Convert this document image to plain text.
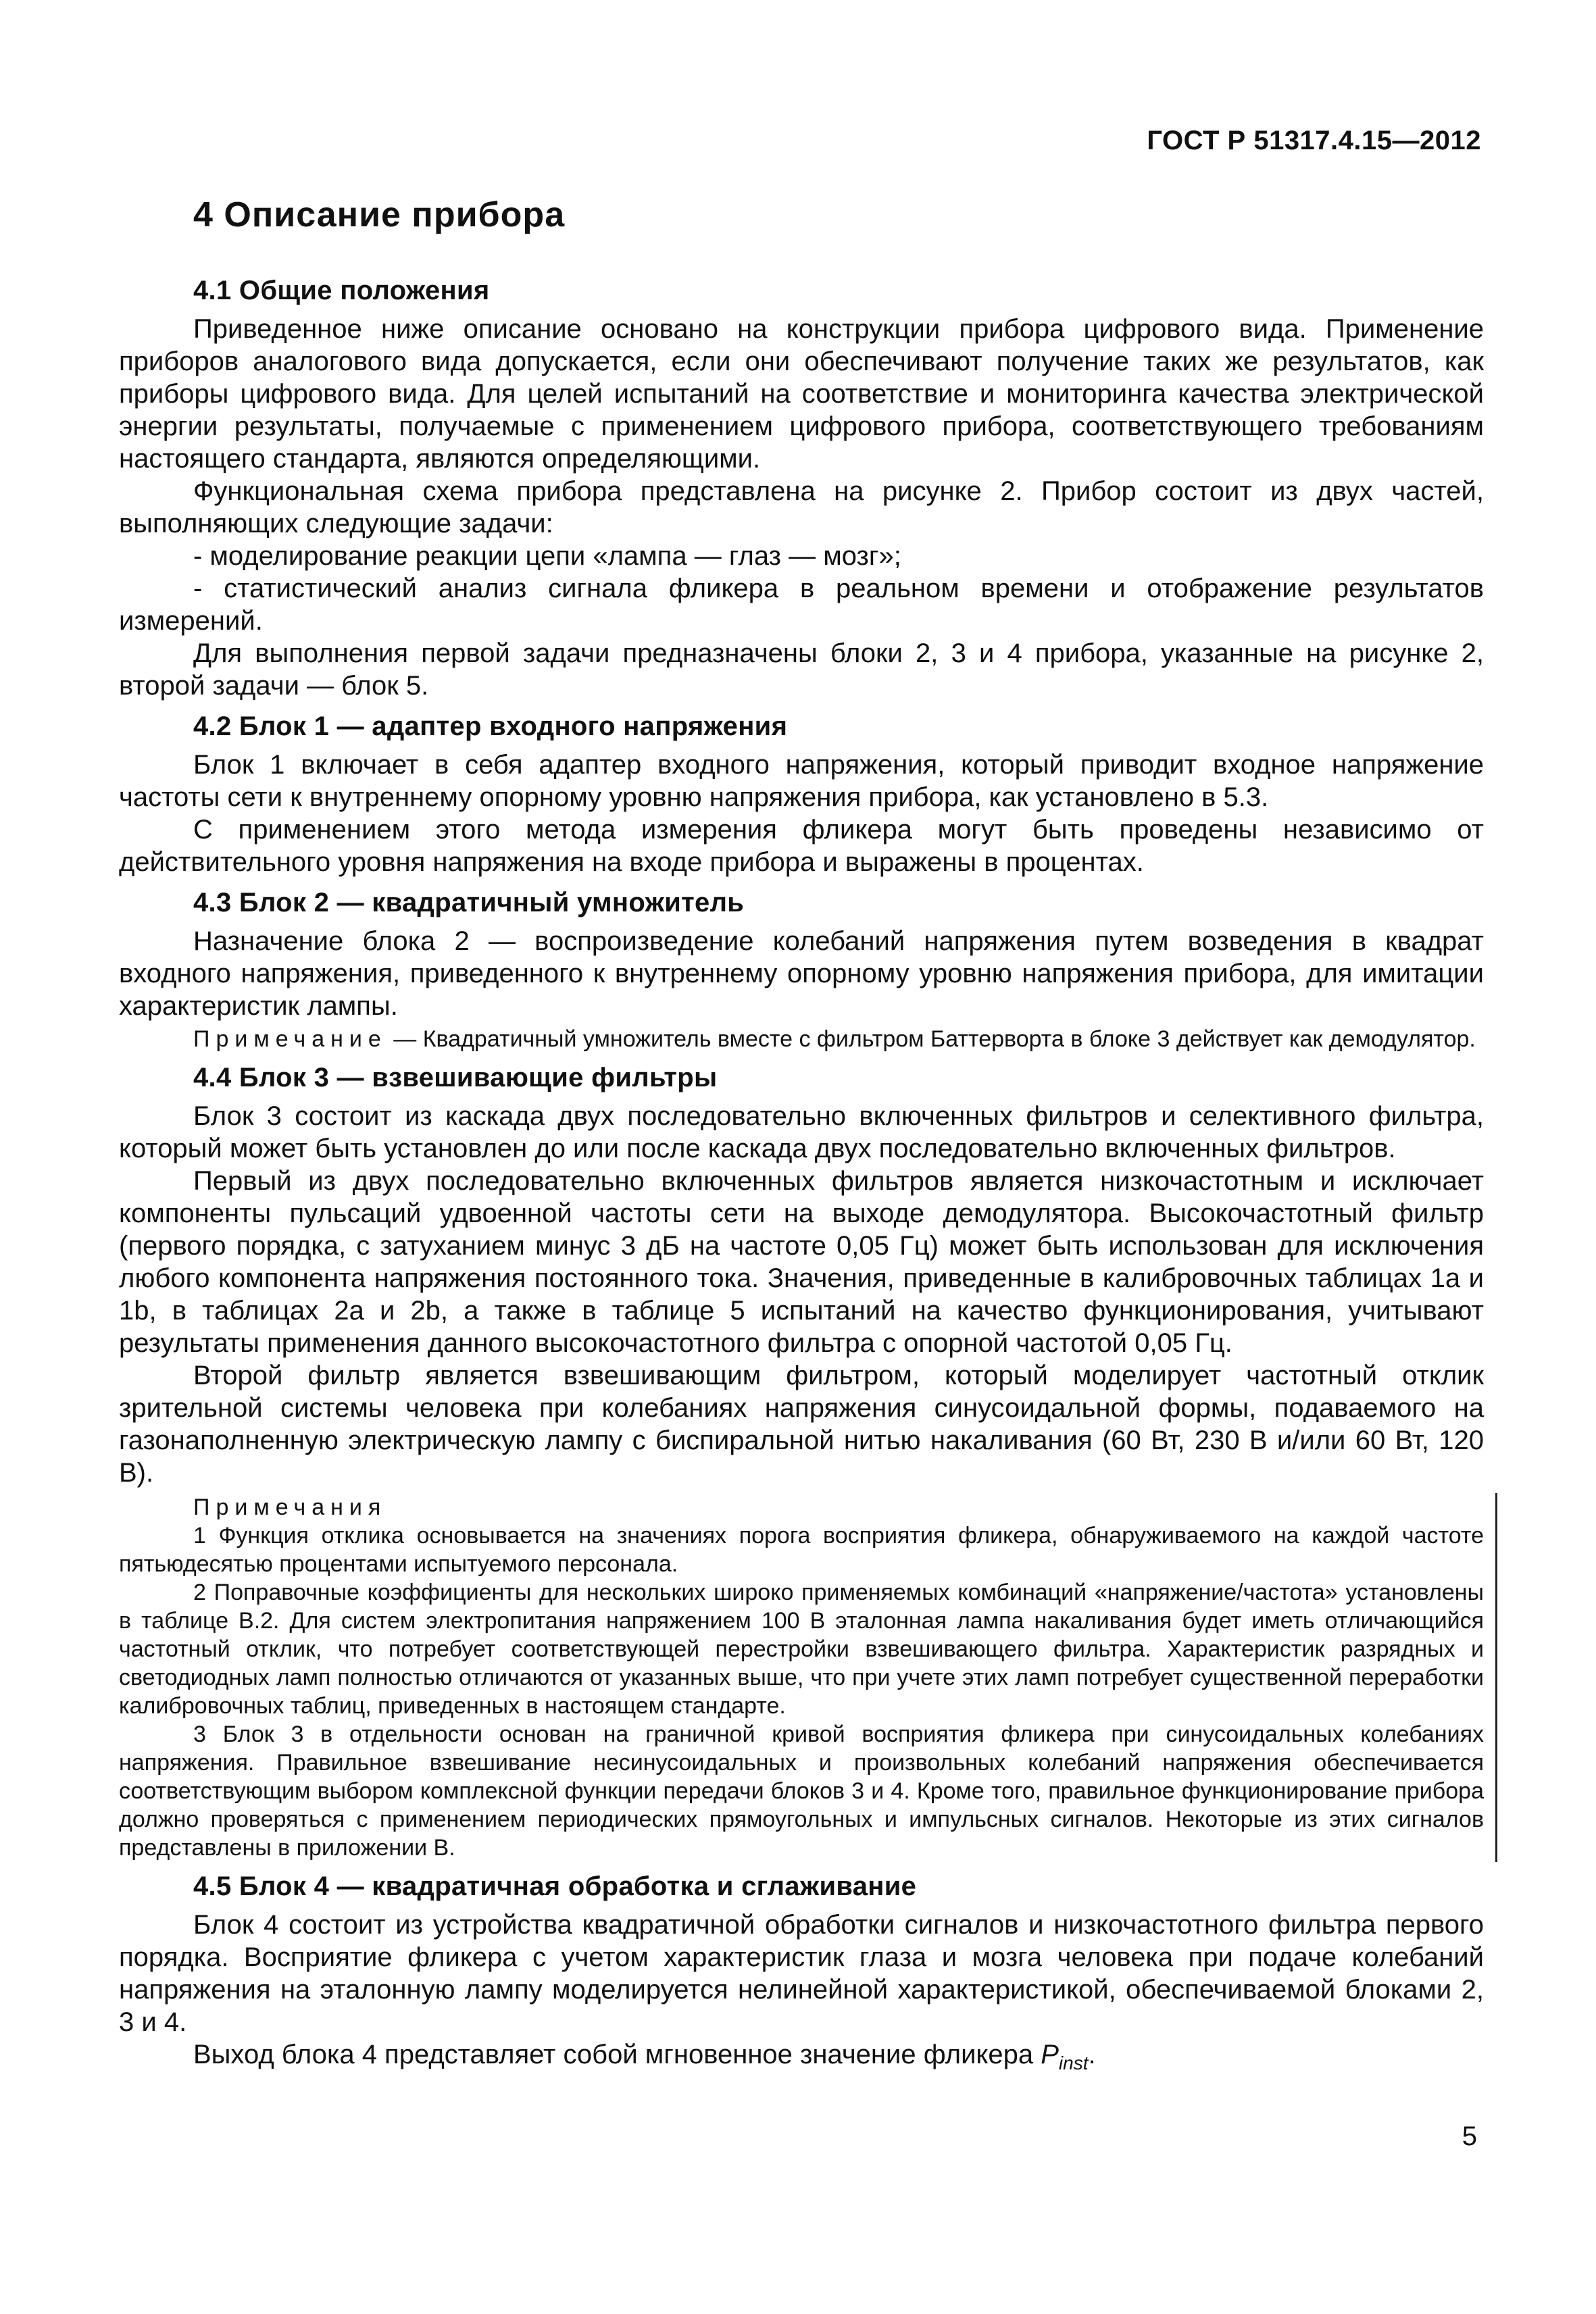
ГОСТ Р 51317.4.15—2012
4 Описание прибора
4.1 Общие положения

Приведенное ниже описание основано на конструкции прибора цифрового вида. Применение приборов аналогового вида допускается, если они обеспечивают получение таких же результатов, как приборы цифрового вида. Для целей испытаний на соответствие и мониторинга качества электрической энергии результаты, получаемые с применением цифрового прибора, соответствующего требованиям настоящего стандарта, являются определяющими.

Функциональная схема прибора представлена на рисунке 2. Прибор состоит из двух частей, выполняющих следующие задачи:

- моделирование реакции цепи «лампа — глаз — мозг»;

- статистический анализ сигнала фликера в реальном времени и отображение результатов измерений.

Для выполнения первой задачи предназначены блоки 2, 3 и 4 прибора, указанные на рисунке 2, второй задачи — блок 5.

4.2 Блок 1 — адаптер входного напряжения

Блок 1 включает в себя адаптер входного напряжения, который приводит входное напряжение частоты сети к внутреннему опорному уровню напряжения прибора, как установлено в 5.3.

С применением этого метода измерения фликера могут быть проведены независимо от действительного уровня напряжения на входе прибора и выражены в процентах.

4.3 Блок 2 — квадратичный умножитель

Назначение блока 2 — воспроизведение колебаний напряжения путем возведения в квадрат входного напряжения, приведенного к внутреннему опорному уровню напряжения прибора, для имитации характеристик лампы.

Примечание — Квадратичный умножитель вместе с фильтром Баттерворта в блоке 3 действует как демодулятор.

4.4 Блок 3 — взвешивающие фильтры

Блок 3 состоит из каскада двух последовательно включенных фильтров и селективного фильтра, который может быть установлен до или после каскада двух последовательно включенных фильтров.

Первый из двух последовательно включенных фильтров является низкочастотным и исключает компоненты пульсаций удвоенной частоты сети на выходе демодулятора. Высокочастотный фильтр (первого порядка, с затуханием минус 3 дБ на частоте 0,05 Гц) может быть использован для исключения любого компонента напряжения постоянного тока. Значения, приведенные в калибровочных таблицах 1а и 1b, в таблицах 2а и 2b, а также в таблице 5 испытаний на качество функционирования, учитывают результаты применения данного высокочастотного фильтра с опорной частотой 0,05 Гц.

Второй фильтр является взвешивающим фильтром, который моделирует частотный отклик зрительной системы человека при колебаниях напряжения синусоидальной формы, подаваемого на газонаполненную электрическую лампу с биспиральной нитью накаливания (60 Вт, 230 В и/или 60 Вт, 120 В).

Примечания
1 Функция отклика основывается на значениях порога восприятия фликера, обнаруживаемого на каждой частоте пятьюдесятью процентами испытуемого персонала.
2 Поправочные коэффициенты для нескольких широко применяемых комбинаций «напряжение/частота» установлены в таблице В.2. Для систем электропитания напряжением 100 В эталонная лампа накаливания будет иметь отличающийся частотный отклик, что потребует соответствующей перестройки взвешивающего фильтра. Характеристик разрядных и светодиодных ламп полностью отличаются от указанных выше, что при учете этих ламп потребует существенной переработки калибровочных таблиц, приведенных в настоящем стандарте.
3 Блок 3 в отдельности основан на граничной кривой восприятия фликера при синусоидальных колебаниях напряжения. Правильное взвешивание несинусоидальных и произвольных колебаний напряжения обеспечивается соответствующим выбором комплексной функции передачи блоков 3 и 4. Кроме того, правильное функционирование прибора должно проверяться с применением периодических прямоугольных и импульсных сигналов. Некоторые из этих сигналов представлены в приложении В.
4.5 Блок 4 — квадратичная обработка и сглаживание

Блок 4 состоит из устройства квадратичной обработки сигналов и низкочастотного фильтра первого порядка. Восприятие фликера с учетом характеристик глаза и мозга человека при подаче колебаний напряжения на эталонную лампу моделируется нелинейной характеристикой, обеспечиваемой блоками 2, 3 и 4.

Выход блока 4 представляет собой мгновенное значение фликера $P_{inst}$.

5
